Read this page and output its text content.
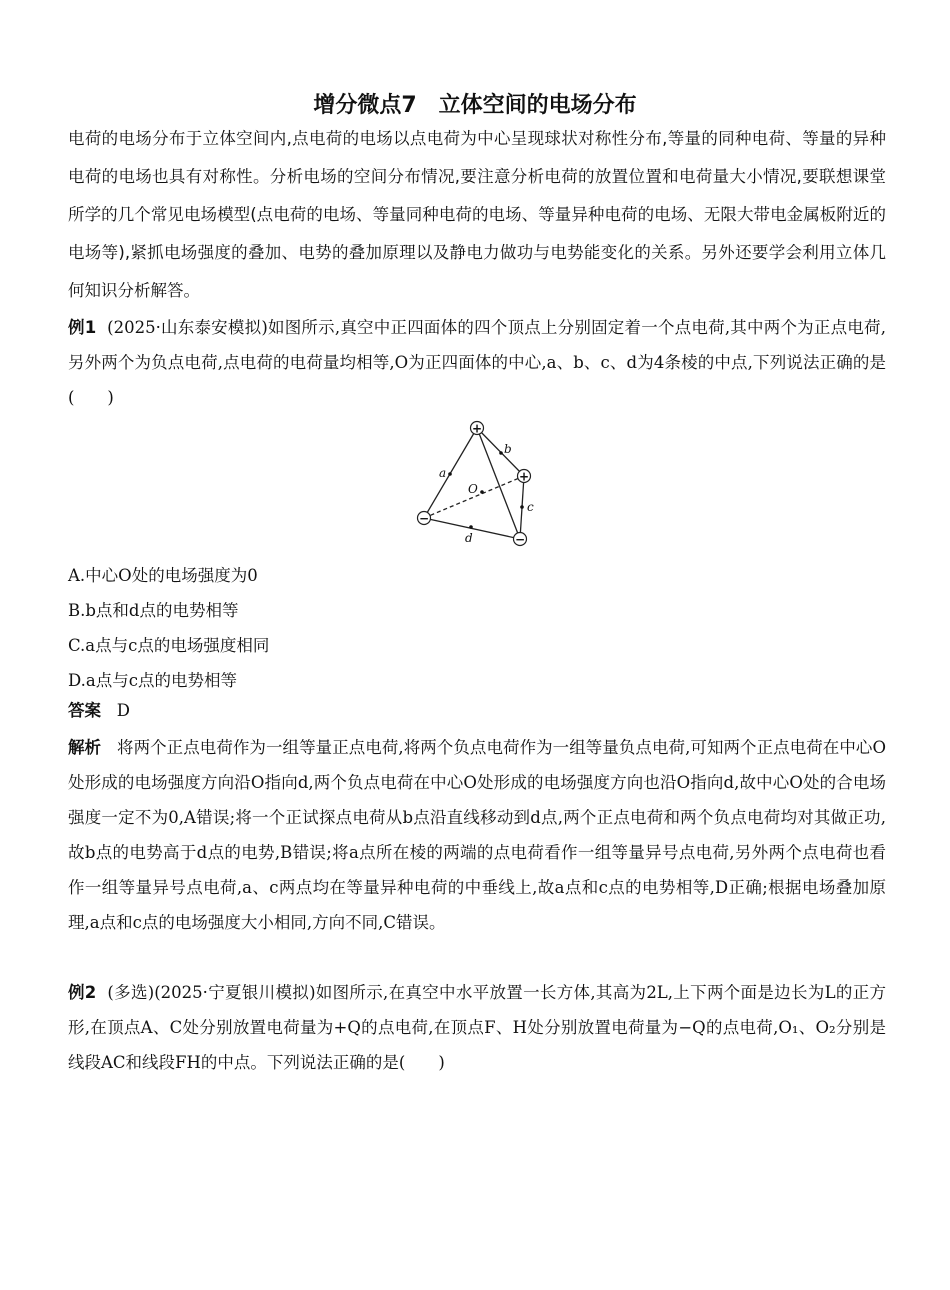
增分微点7　立体空间的电场分布

电荷的电场分布于立体空间内,点电荷的电场以点电荷为中心呈现球状对称性分布,等量的同种电荷、等量的异种电荷的电场也具有对称性。分析电场的空间分布情况,要注意分析电荷的放置位置和电荷量大小情况,要联想课堂所学的几个常见电场模型(点电荷的电场、等量同种电荷的电场、等量异种电荷的电场、无限大带电金属板附近的电场等),紧抓电场强度的叠加、电势的叠加原理以及静电力做功与电势能变化的关系。另外还要学会利用立体几何知识分析解答。

例1 (2025·山东泰安模拟)如图所示,真空中正四面体的四个顶点上分别固定着一个点电荷,其中两个为正点电荷,另外两个为负点电荷,点电荷的电荷量均相等,O为正四面体的中心,a、b、c、d为4条棱的中点,下列说法正确的是(　　)

+
+
−
−
a
b
c
d
O

A.中心O处的电场强度为0

B.b点和d点的电势相等

C.a点与c点的电场强度相同

D.a点与c点的电势相等

答案 D

解析 将两个正点电荷作为一组等量正点电荷,将两个负点电荷作为一组等量负点电荷,可知两个正点电荷在中心O处形成的电场强度方向沿O指向d,两个负点电荷在中心O处形成的电场强度方向也沿O指向d,故中心O处的合电场强度一定不为0,A错误;将一个正试探点电荷从b点沿直线移动到d点,两个正点电荷和两个负点电荷均对其做正功,故b点的电势高于d点的电势,B错误;将a点所在棱的两端的点电荷看作一组等量异号点电荷,另外两个点电荷也看作一组等量异号点电荷,a、c两点均在等量异种电荷的中垂线上,故a点和c点的电势相等,D正确;根据电场叠加原理,a点和c点的电场强度大小相同,方向不同,C错误。

例2 (多选)(2025·宁夏银川模拟)如图所示,在真空中水平放置一长方体,其高为2L,上下两个面是边长为L的正方形,在顶点A、C处分别放置电荷量为+Q的点电荷,在顶点F、H处分别放置电荷量为−Q的点电荷,O₁、O₂分别是线段AC和线段FH的中点。下列说法正确的是(　　)
